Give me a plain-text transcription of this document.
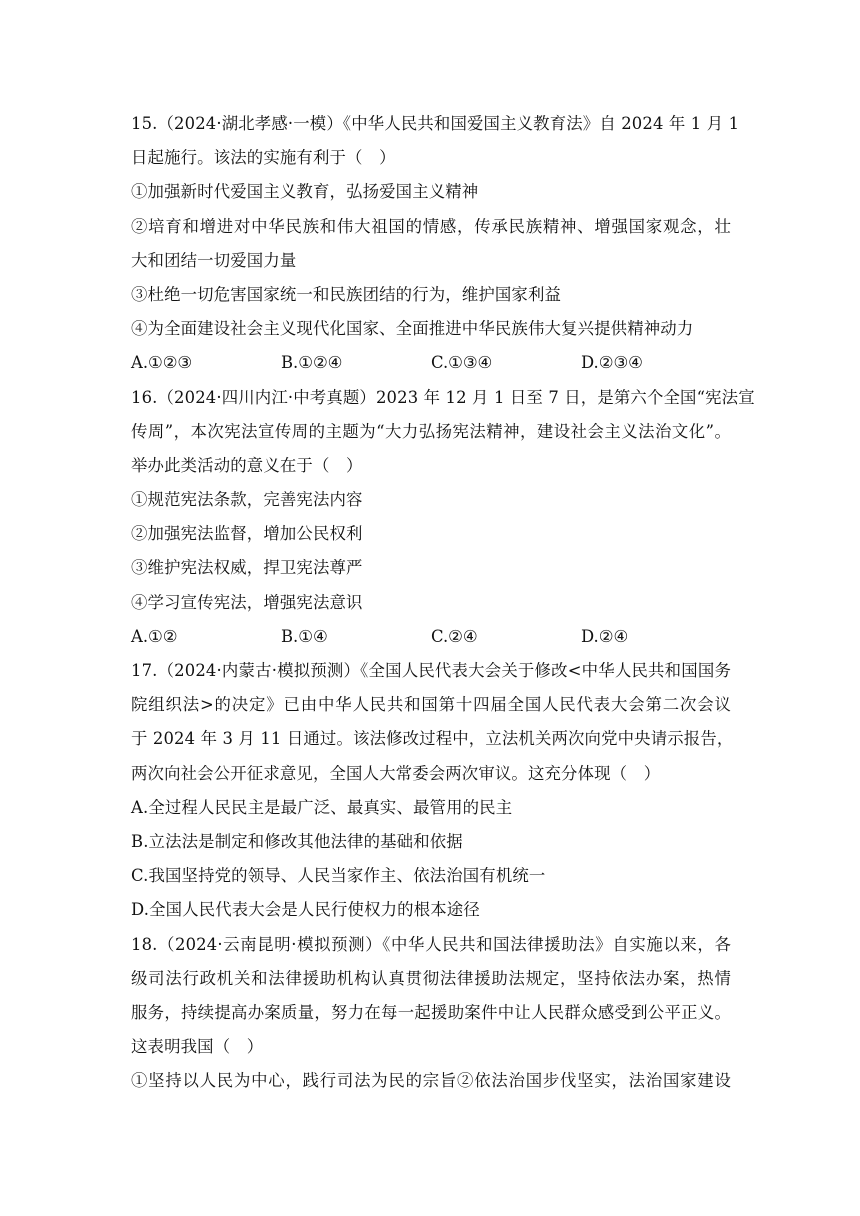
15.（2024·湖北孝感·一模）《中华人民共和国爱国主义教育法》自 2024 年 1 月 1
日起施行。该法的实施有利于（　）
①加强新时代爱国主义教育，弘扬爱国主义精神
②培育和增进对中华民族和伟大祖国的情感，传承民族精神、增强国家观念，壮
大和团结一切爱国力量
③杜绝一切危害国家统一和民族团结的行为，维护国家利益
④为全面建设社会主义现代化国家、全面推进中华民族伟大复兴提供精神动力
A.①②③	B.①②④	C.①③④	D.②③④
16.（2024·四川内江·中考真题）2023 年 12 月 1 日至 7 日，是第六个全国“宪法宣
传周”，本次宪法宣传周的主题为“大力弘扬宪法精神，建设社会主义法治文化”。
举办此类活动的意义在于（　）
①规范宪法条款，完善宪法内容
②加强宪法监督，增加公民权利
③维护宪法权威，捍卫宪法尊严
④学习宣传宪法，增强宪法意识
A.①②	B.①④	C.②④	D.②④
17.（2024·内蒙古·模拟预测）《全国人民代表大会关于修改<中华人民共和国国务
院组织法>的决定》已由中华人民共和国第十四届全国人民代表大会第二次会议
于 2024 年 3 月 11 日通过。该法修改过程中，立法机关两次向党中央请示报告，
两次向社会公开征求意见，全国人大常委会两次审议。这充分体现（　）
A.全过程人民民主是最广泛、最真实、最管用的民主
B.立法法是制定和修改其他法律的基础和依据
C.我国坚持党的领导、人民当家作主、依法治国有机统一
D.全国人民代表大会是人民行使权力的根本途径
18.（2024·云南昆明·模拟预测）《中华人民共和国法律援助法》自实施以来，各
级司法行政机关和法律援助机构认真贯彻法律援助法规定，坚持依法办案，热情
服务，持续提高办案质量，努力在每一起援助案件中让人民群众感受到公平正义。
这表明我国（　）
①坚持以人民为中心，践行司法为民的宗旨②依法治国步伐坚实，法治国家建设
